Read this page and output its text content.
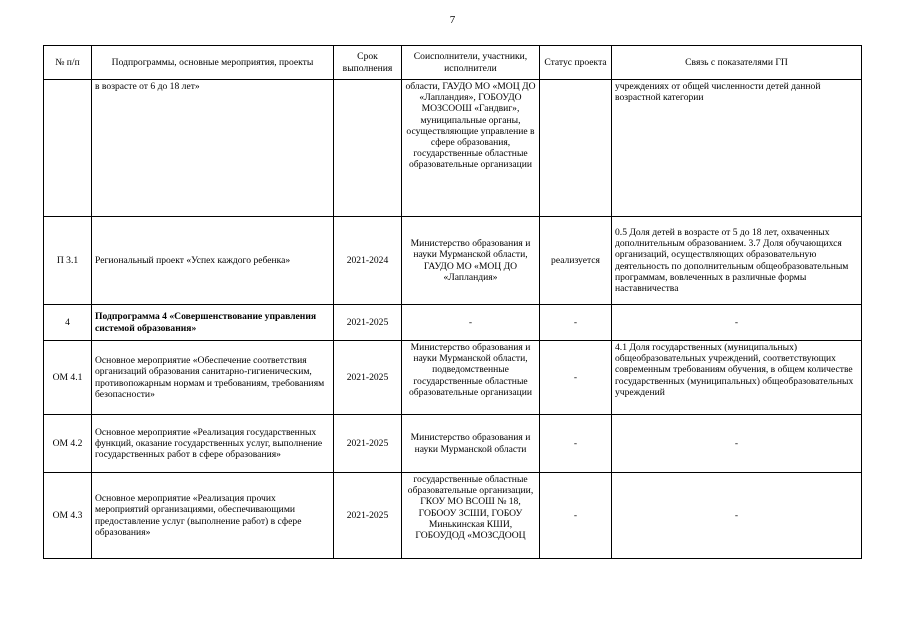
7
№ п/п	Подпрограммы, основные мероприятия, проекты	Срок выполнения	Соисполнители, участники, исполнители	Статус проекта	Связь с показателями ГП
	в возрасте от 6 до 18 лет»		области, ГАУДО МО «МОЦ ДО «Лапландия», ГОБОУДО МОЗСООШ «Гандвиг», муниципальные органы, осуществляющие управление в сфере образования, государственные областные образовательные организации		учреждениях от общей численности детей данной возрастной категории
П 3.1	Региональный проект «Успех каждого ребенка»	2021-2024	Министерство образования и науки Мурманской области, ГАУДО МО «МОЦ ДО «Лапландия»	реализуется	0.5 Доля детей в возрасте от 5 до 18 лет, охваченных дополнительным образованием. 3.7 Доля обучающихся организаций, осуществляющих образовательную деятельность по дополнительным общеобразовательным программам, вовлеченных в различные формы наставничества
4	Подпрограмма 4 «Совершенствование управления системой образования»	2021-2025	-	-	-
ОМ 4.1	Основное мероприятие «Обеспечение соответствия организаций образования санитарно-гигиеническим, противопожарным нормам и требованиям, требованиям безопасности»	2021-2025	Министерство образования и науки Мурманской области, подведомственные государственные областные образовательные организации	-	4.1 Доля государственных (муниципальных) общеобразовательных учреждений, соответствующих современным требованиям обучения, в общем количестве государственных (муниципальных) общеобразовательных учреждений
ОМ 4.2	Основное мероприятие «Реализация государственных функций, оказание государственных услуг, выполнение государственных работ в сфере образования»	2021-2025	Министерство образования и науки Мурманской области	-	-
ОМ 4.3	Основное мероприятие «Реализация прочих мероприятий организациями, обеспечивающими предоставление услуг (выполнение работ) в сфере образования»	2021-2025	государственные областные образовательные организации, ГКОУ МО ВСОШ № 18, ГОБООУ ЗСШИ, ГОБОУ Минькинская КШИ, ГОБОУДОД «МОЗСДООЦ	-	-
